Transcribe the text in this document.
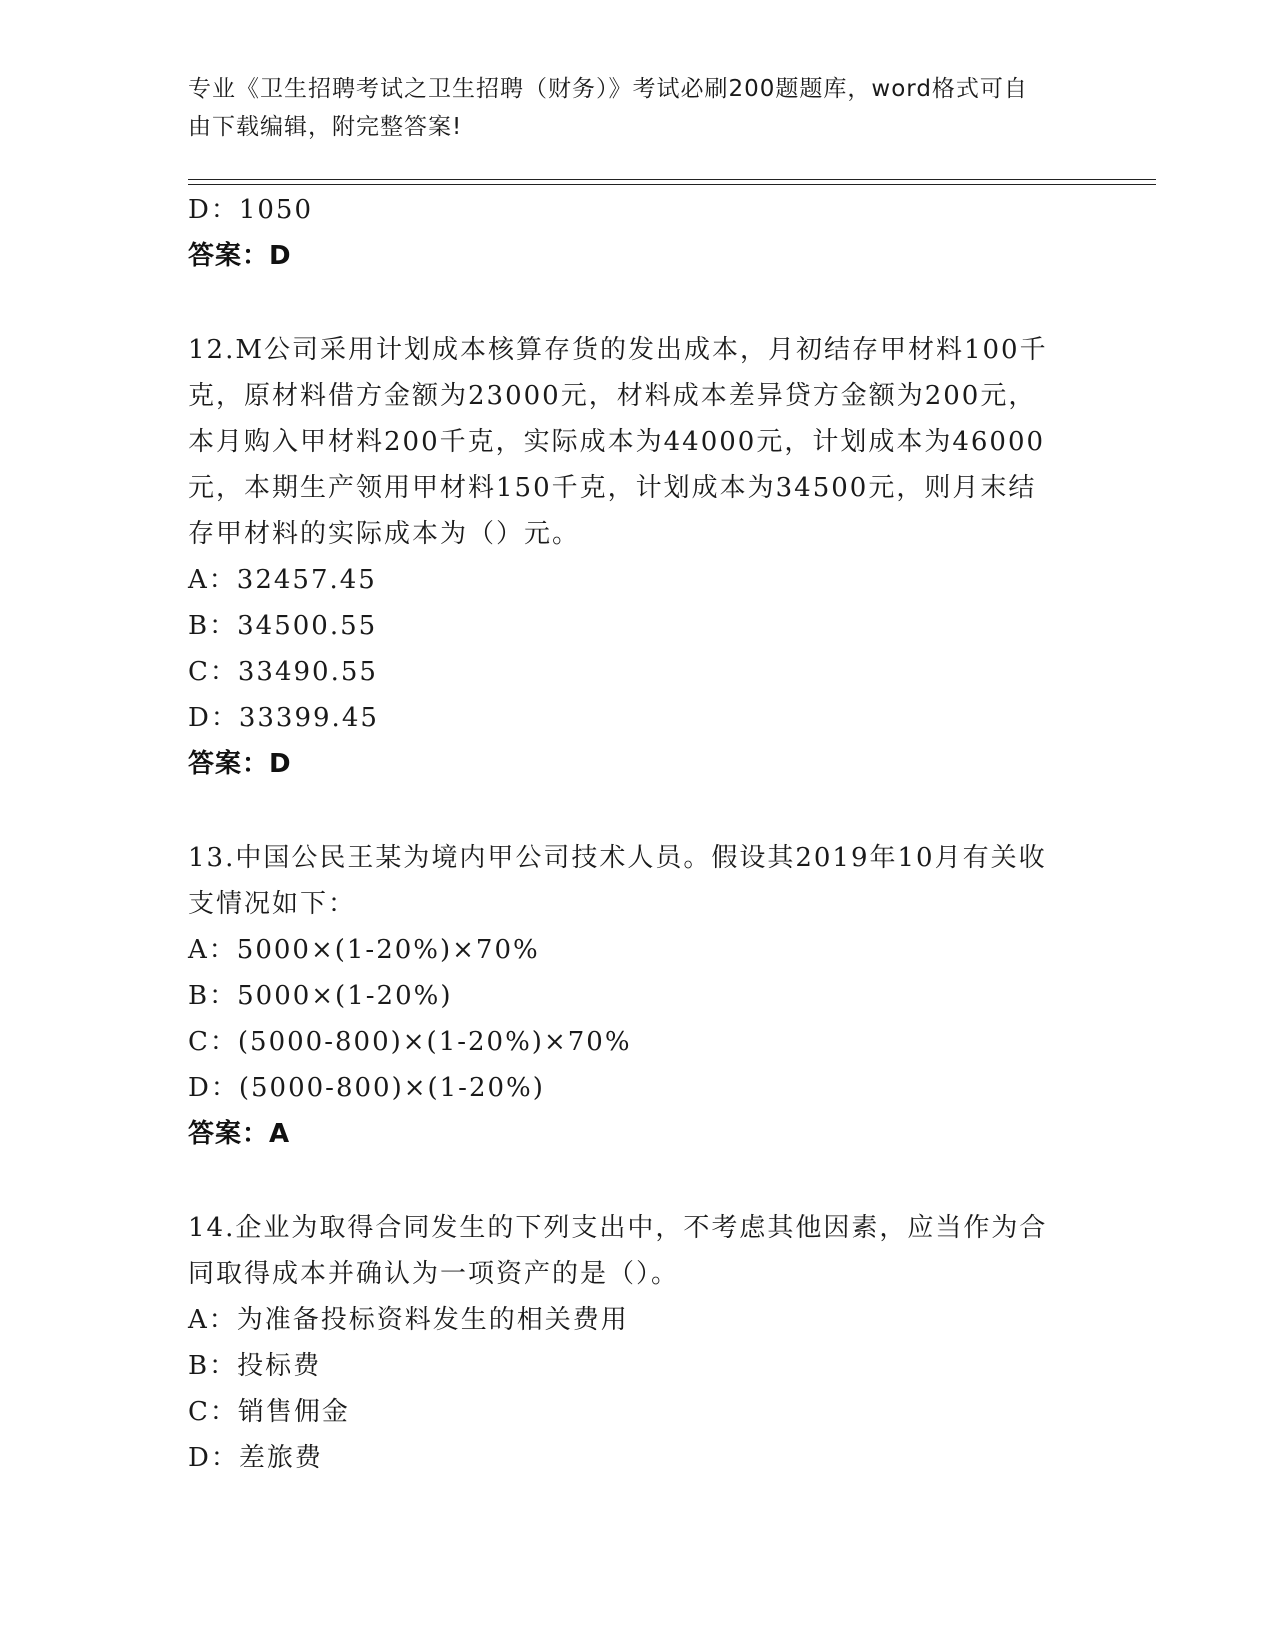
专业《卫生招聘考试之卫生招聘（财务）》考试必刷200题题库，word格式可自
由下载编辑，附完整答案!
D：1050
答案：D
12.M公司采用计划成本核算存货的发出成本，月初结存甲材料100千
克，原材料借方金额为23000元，材料成本差异贷方金额为200元，
本月购入甲材料200千克，实际成本为44000元，计划成本为46000
元，本期生产领用甲材料150千克，计划成本为34500元，则月末结
存甲材料的实际成本为（）元。
A：32457.45
B：34500.55
C：33490.55
D：33399.45
答案：D
13.中国公民王某为境内甲公司技术人员。假设其2019年10月有关收
支情况如下：
A：5000×(1-20%)×70%
B：5000×(1-20%)
C：(5000-800)×(1-20%)×70%
D：(5000-800)×(1-20%)
答案：A
14.企业为取得合同发生的下列支出中，不考虑其他因素，应当作为合
同取得成本并确认为一项资产的是（）。
A：为准备投标资料发生的相关费用
B：投标费
C：销售佣金
D：差旅费
